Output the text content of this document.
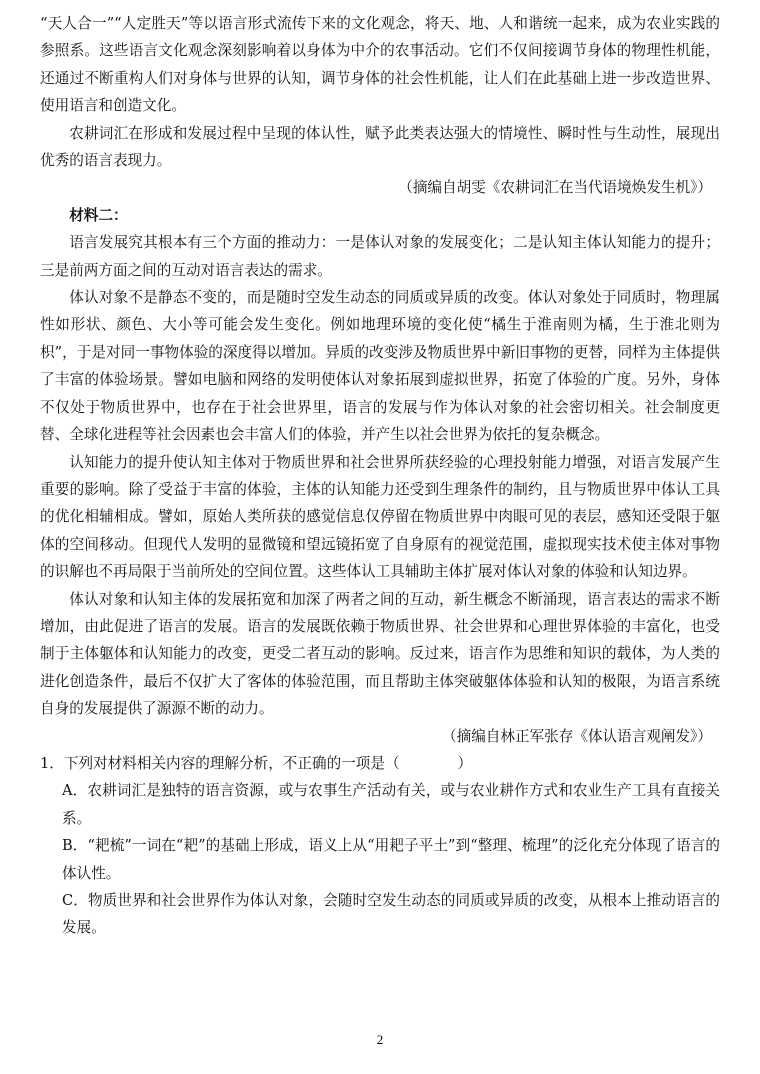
“天人合一”“人定胜天”等以语言形式流传下来的文化观念，将天、地、人和谐统一起来，成为农业实践的参照系。这些语言文化观念深刻影响着以身体为中介的农事活动。它们不仅间接调节身体的物理性机能，还通过不断重构人们对身体与世界的认知，调节身体的社会性机能，让人们在此基础上进一步改造世界、使用语言和创造文化。

农耕词汇在形成和发展过程中呈现的体认性，赋予此类表达强大的情境性、瞬时性与生动性，展现出优秀的语言表现力。

（摘编自胡雯《农耕词汇在当代语境焕发生机》）

材料二：

语言发展究其根本有三个方面的推动力：一是体认对象的发展变化；二是认知主体认知能力的提升；三是前两方面之间的互动对语言表达的需求。

体认对象不是静态不变的，而是随时空发生动态的同质或异质的改变。体认对象处于同质时，物理属性如形状、颜色、大小等可能会发生变化。例如地理环境的变化使“橘生于淮南则为橘，生于淮北则为枳”，于是对同一事物体验的深度得以增加。异质的改变涉及物质世界中新旧事物的更替，同样为主体提供了丰富的体验场景。譬如电脑和网络的发明使体认对象拓展到虚拟世界，拓宽了体验的广度。另外，身体不仅处于物质世界中，也存在于社会世界里，语言的发展与作为体认对象的社会密切相关。社会制度更替、全球化进程等社会因素也会丰富人们的体验，并产生以社会世界为依托的复杂概念。

认知能力的提升使认知主体对于物质世界和社会世界所获经验的心理投射能力增强，对语言发展产生重要的影响。除了受益于丰富的体验，主体的认知能力还受到生理条件的制约，且与物质世界中体认工具的优化相辅相成。譬如，原始人类所获的感觉信息仅停留在物质世界中肉眼可见的表层，感知还受限于躯体的空间移动。但现代人发明的显微镜和望远镜拓宽了自身原有的视觉范围，虚拟现实技术使主体对事物的识解也不再局限于当前所处的空间位置。这些体认工具辅助主体扩展对体认对象的体验和认知边界。

体认对象和认知主体的发展拓宽和加深了两者之间的互动，新生概念不断涌现，语言表达的需求不断增加，由此促进了语言的发展。语言的发展既依赖于物质世界、社会世界和心理世界体验的丰富化，也受制于主体躯体和认知能力的改变，更受二者互动的影响。反过来，语言作为思维和知识的载体，为人类的进化创造条件，最后不仅扩大了客体的体验范围，而且帮助主体突破躯体体验和认知的极限，为语言系统自身的发展提供了源源不断的动力。

（摘编自林正军张存《体认语言观阐发》）

1．下列对材料相关内容的理解分析，不正确的一项是（	）

A．农耕词汇是独特的语言资源，或与农事生产活动有关，或与农业耕作方式和农业生产工具有直接关系。

B．“耙梳”一词在“耙”的基础上形成，语义上从“用耙子平土”到“整理、梳理”的泛化充分体现了语言的体认性。

C．物质世界和社会世界作为体认对象，会随时空发生动态的同质或异质的改变，从根本上推动语言的发展。

2
